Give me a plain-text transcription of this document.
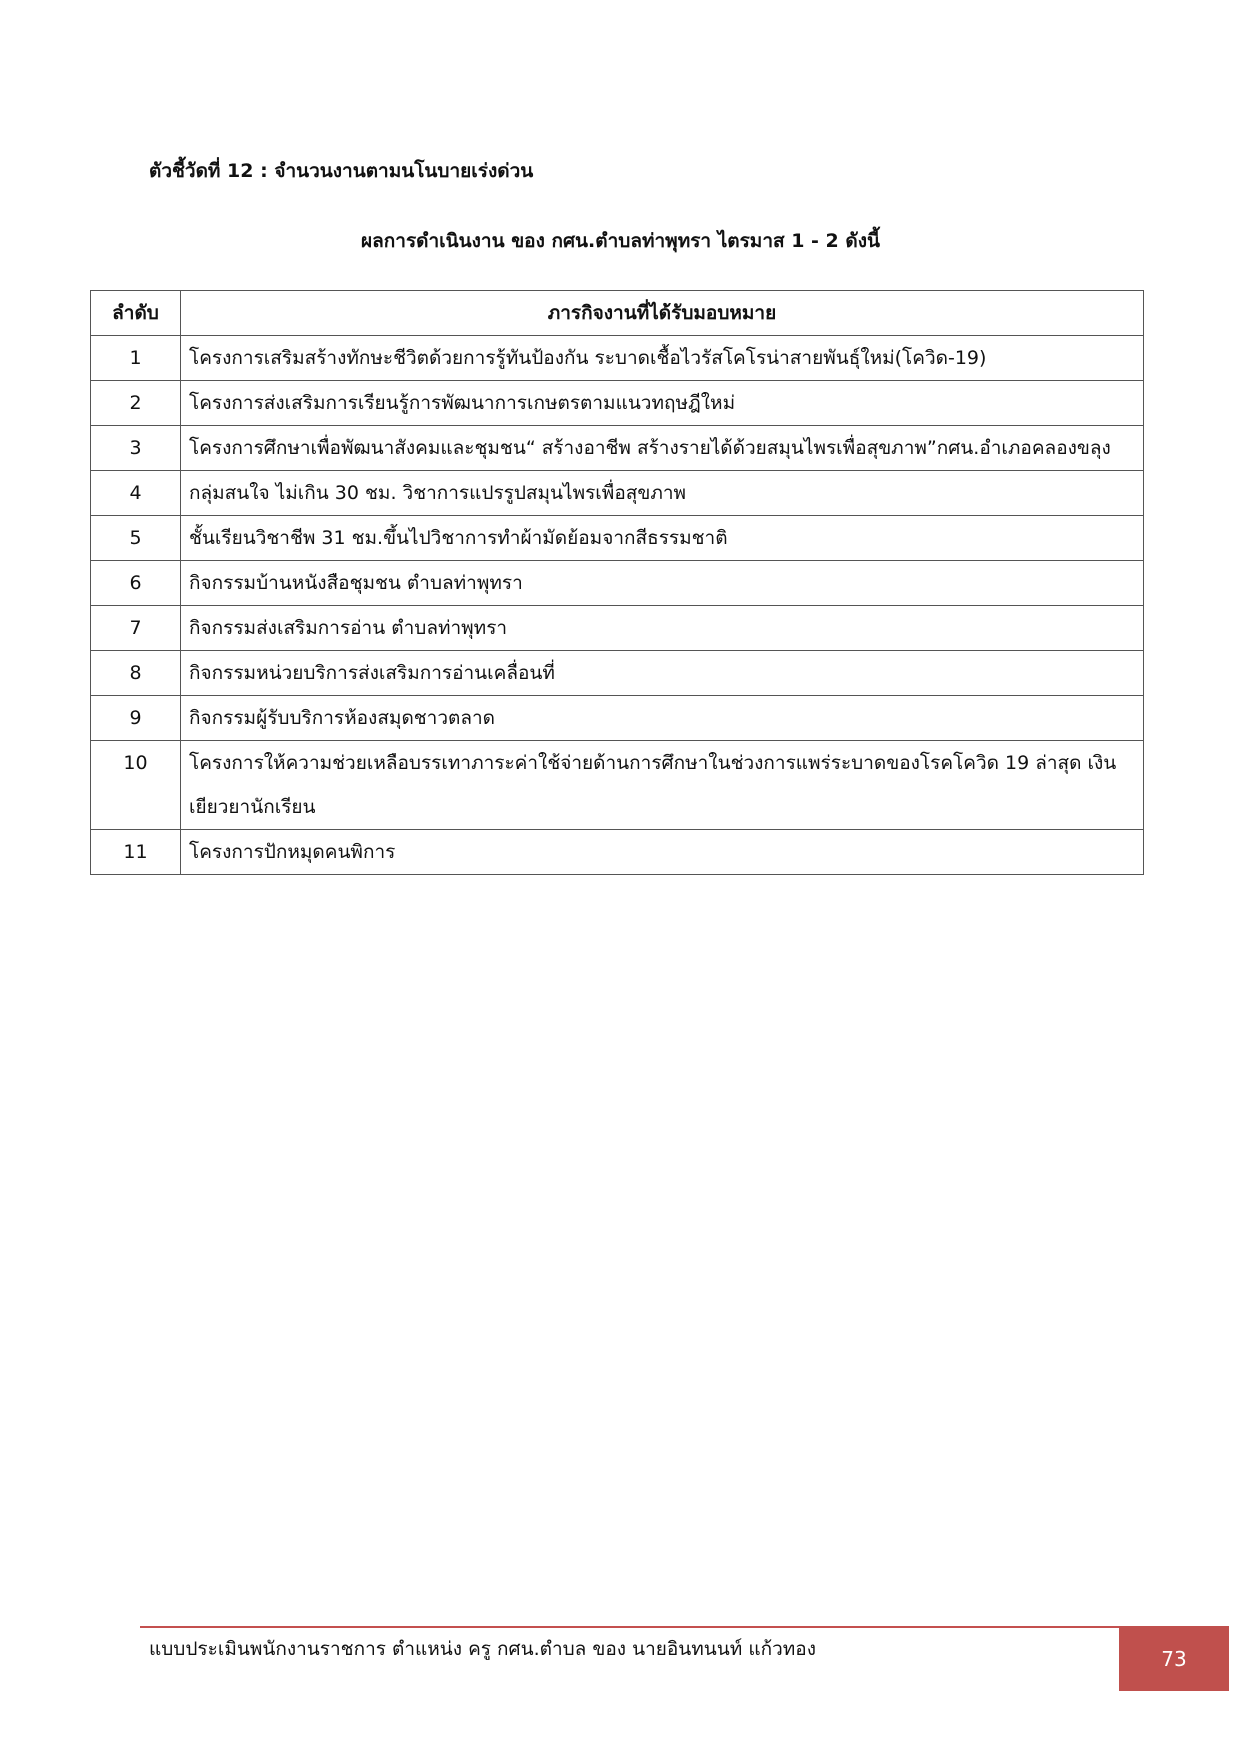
ตัวชี้วัดที่ 12 : จำนวนงานตามนโนบายเร่งด่วน
ผลการดำเนินงาน ของ กศน.ตำบลท่าพุทรา ไตรมาส 1 - 2 ดังนี้
ลำดับ	ภารกิจงานที่ได้รับมอบหมาย
1	โครงการเสริมสร้างทักษะชีวิตด้วยการรู้ทันป้องกัน ระบาดเชื้อไวรัสโคโรน่าสายพันธุ์ใหม่(โควิด-19)
2	โครงการส่งเสริมการเรียนรู้การพัฒนาการเกษตรตามแนวทฤษฎีใหม่
3	โครงการศึกษาเพื่อพัฒนาสังคมและชุมชน“ สร้างอาชีพ สร้างรายได้ด้วยสมุนไพรเพื่อสุขภาพ”กศน.อำเภอคลองขลุง
4	กลุ่มสนใจ ไม่เกิน 30 ชม. วิชาการแปรรูปสมุนไพรเพื่อสุขภาพ
5	ชั้นเรียนวิชาชีพ 31 ชม.ขึ้นไปวิชาการทำผ้ามัดย้อมจากสีธรรมชาติ
6	กิจกรรมบ้านหนังสือชุมชน ตำบลท่าพุทรา
7	กิจกรรมส่งเสริมการอ่าน ตำบลท่าพุทรา
8	กิจกรรมหน่วยบริการส่งเสริมการอ่านเคลื่อนที่
9	กิจกรรมผู้รับบริการห้องสมุดชาวตลาด
10	โครงการให้ความช่วยเหลือบรรเทาภาระค่าใช้จ่ายด้านการศึกษาในช่วงการแพร่ระบาดของโรคโควิด 19 ล่าสุด เงินเยียวยานักเรียน
11	โครงการปักหมุดคนพิการ
แบบประเมินพนักงานราชการ ตำแหน่ง ครู กศน.ตำบล ของ นายอินทนนท์ แก้วทอง	73
